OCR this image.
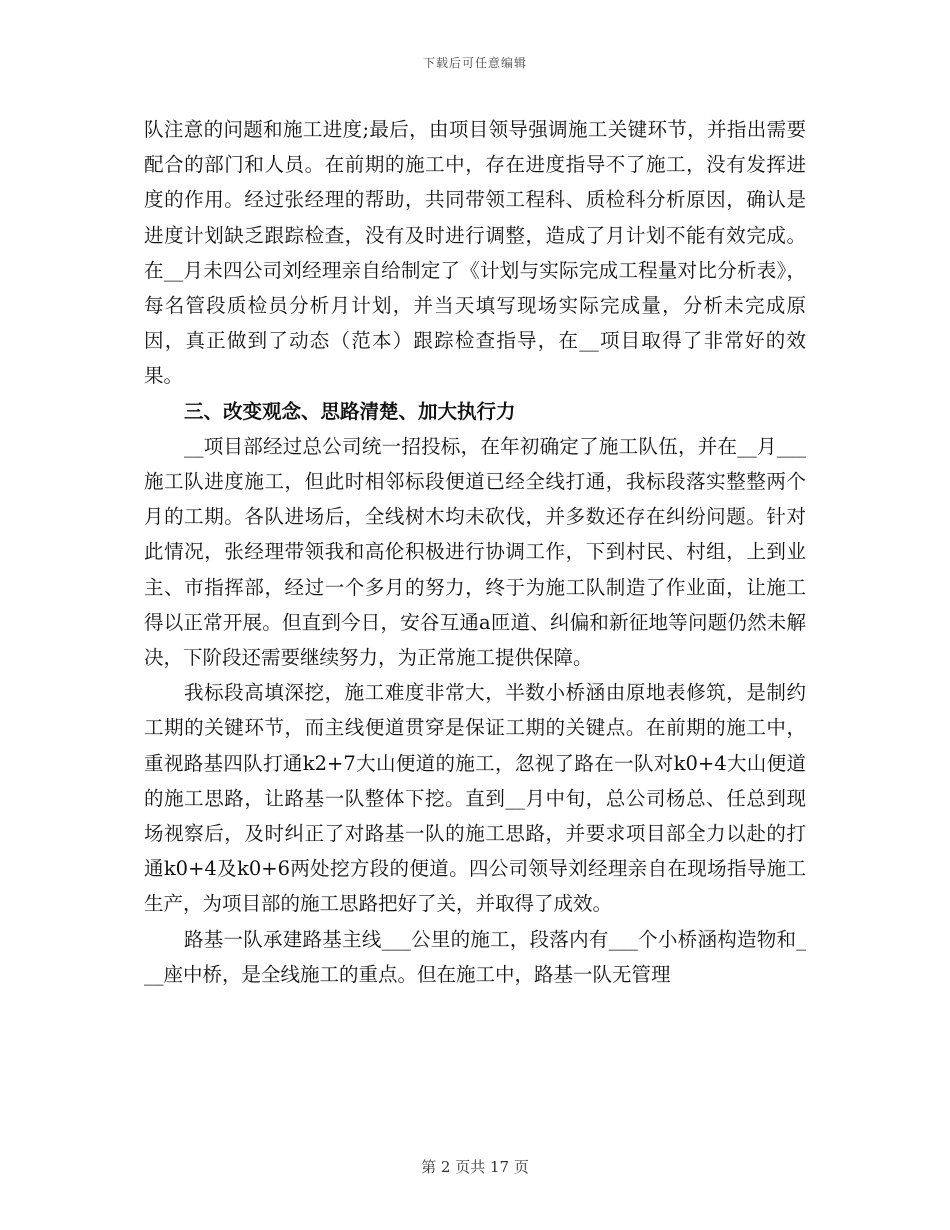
下载后可任意编辑

队注意的问题和施工进度;最后，由项目领导强调施工关键环节，并指出需要配合的部门和人员。在前期的施工中，存在进度指导不了施工，没有发挥进度的作用。经过张经理的帮助，共同带领工程科、质检科分析原因，确认是进度计划缺乏跟踪检查，没有及时进行调整，造成了月计划不能有效完成。在__月未四公司刘经理亲自给制定了《计划与实际完成工程量对比分析表》，每名管段质检员分析月计划，并当天填写现场实际完成量，分析未完成原因，真正做到了动态（范本）跟踪检查指导，在__项目取得了非常好的效果。

三、改变观念、思路清楚、加大执行力

__项目部经过总公司统一招投标，在年初确定了施工队伍，并在__月___施工队进度施工，但此时相邻标段便道已经全线打通，我标段落实整整两个月的工期。各队进场后，全线树木均未砍伐，并多数还存在纠纷问题。针对此情况，张经理带领我和高伦积极进行协调工作，下到村民、村组，上到业主、市指挥部，经过一个多月的努力，终于为施工队制造了作业面，让施工得以正常开展。但直到今日，安谷互通a匝道、纠偏和新征地等问题仍然未解决，下阶段还需要继续努力，为正常施工提供保障。

我标段高填深挖，施工难度非常大，半数小桥涵由原地表修筑，是制约工期的关键环节，而主线便道贯穿是保证工期的关键点。在前期的施工中，重视路基四队打通k2+7大山便道的施工，忽视了路在一队对k0+4大山便道的施工思路，让路基一队整体下挖。直到__月中旬，总公司杨总、任总到现场视察后，及时纠正了对路基一队的施工思路，并要求项目部全力以赴的打通k0+4及k0+6两处挖方段的便道。四公司领导刘经理亲自在现场指导施工生产，为项目部的施工思路把好了关，并取得了成效。

路基一队承建路基主线___公里的施工，段落内有___个小桥涵构造物和___座中桥，是全线施工的重点。但在施工中，路基一队无管理

第 2 页共 17 页
